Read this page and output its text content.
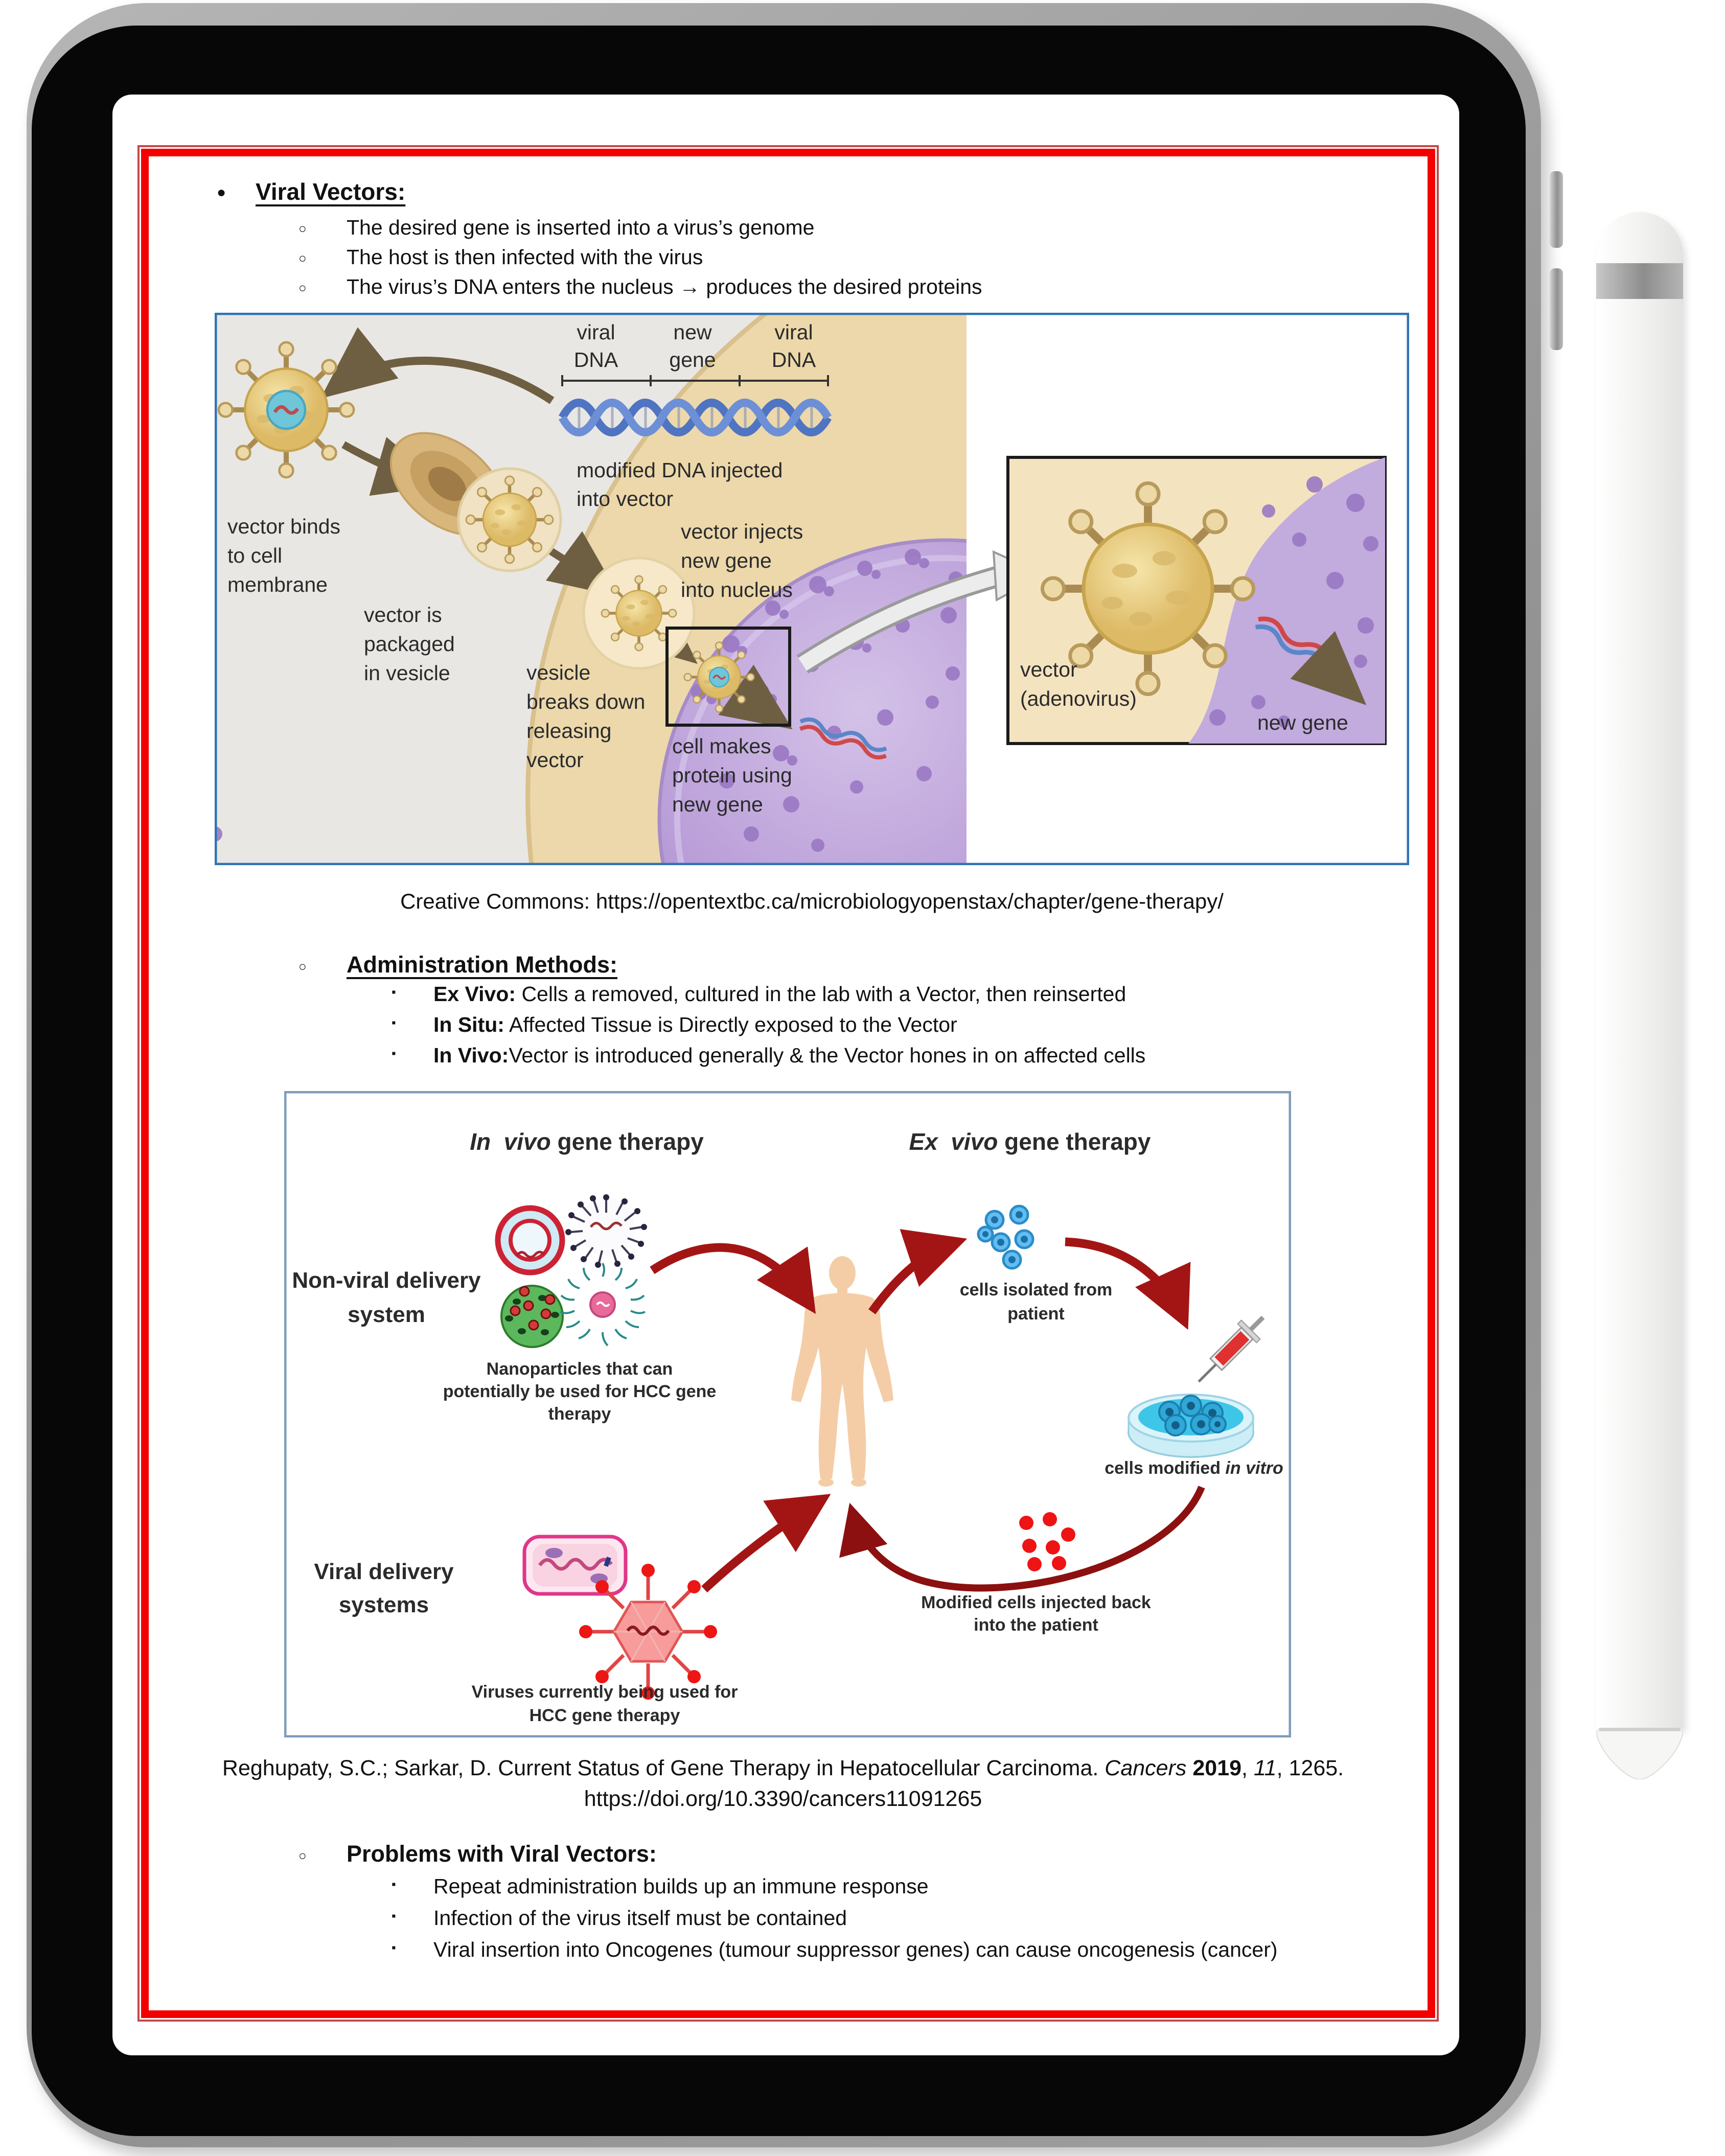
● Viral Vectors:
○ The desired gene is inserted into a virus’s genome
○ The host is then infected with the virus
○ The virus’s DNA enters the nucleus → produces the desired proteins
viral
DNA
new
gene
viral
DNA
modified DNA injected
into vector
vector binds
to cell
membrane
vector is
packaged
in vesicle	vesicle
breaks down
releasing
vector
vector injects
new gene
into nucleus
cell makes
protein using
new gene
vector
(adenovirus)
new gene
Creative Commons: https://opentextbc.ca/microbiologyopenstax/chapter/gene-therapy/
○ Administration Methods:
▪ Ex Vivo: Cells a removed, cultured in the lab with a Vector, then reinserted
▪ In Situ: Affected Tissue is Directly exposed to the Vector
▪ In Vivo:Vector is introduced generally & the Vector hones in on affected cells
In  vivo gene therapy	Ex  vivo gene therapy
Non-viral delivery
system
Nanoparticles that can
potentially be used for HCC gene
therapy
cells isolated from
patient
cells modified in vitro
Modified cells injected back
into the patient
Viral delivery
systems
Viruses currently being used for
HCC gene therapy
Reghupaty, S.C.; Sarkar, D. Current Status of Gene Therapy in Hepatocellular Carcinoma. Cancers 2019, 11, 1265.
https://doi.org/10.3390/cancers11091265
○ Problems with Viral Vectors:
▪ Repeat administration builds up an immune response
▪ Infection of the virus itself must be contained
▪ Viral insertion into Oncogenes (tumour suppressor genes) can cause oncogenesis (cancer)
